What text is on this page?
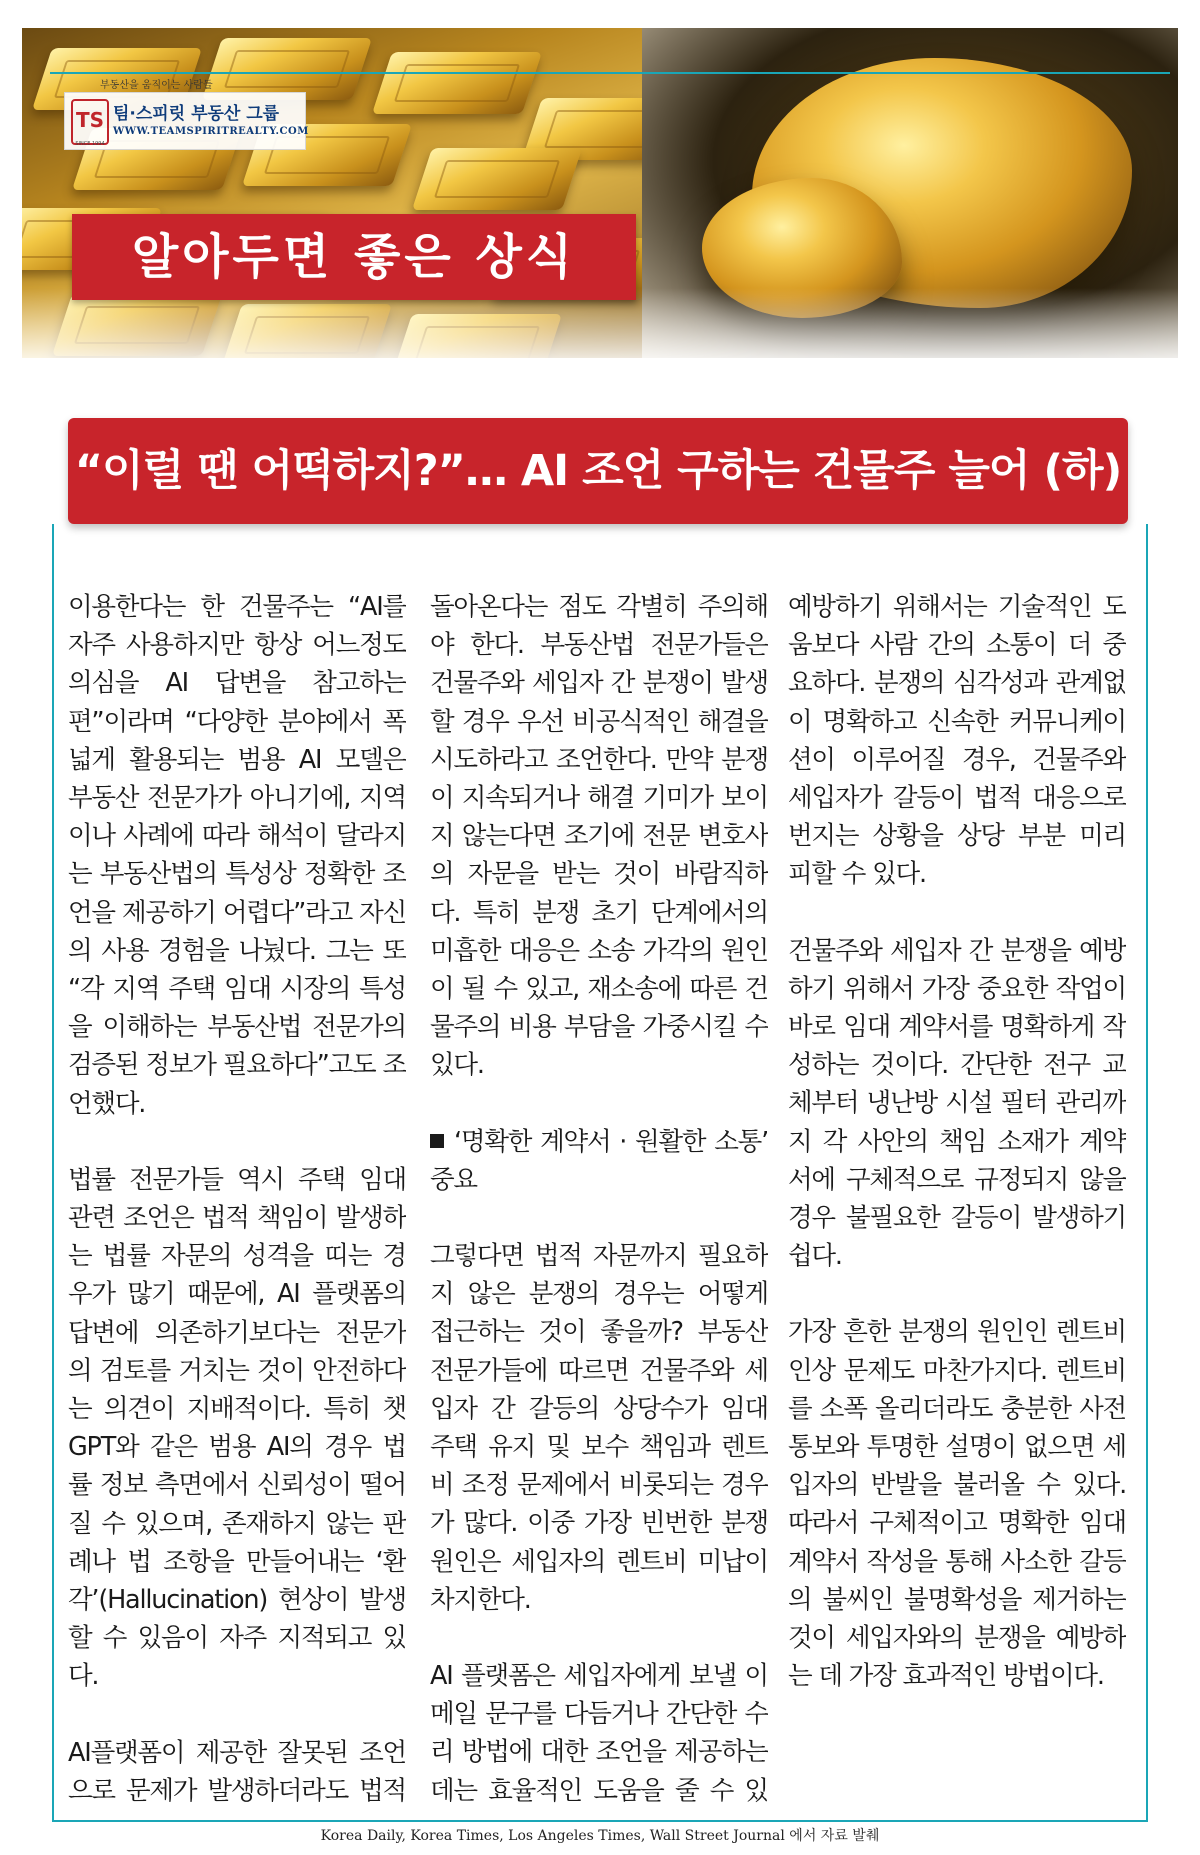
부동산을 움직이는 사람들
TS
SINCE 1994
팀·스피릿 부동산 그룹
WWW.TEAMSPIRITREALTY.COM
알아두면 좋은 상식
“이럴 땐 어떡하지?”… AI 조언 구하는 건물주 늘어 (하)

이용한다는 한 건물주는 “AI를 자주 사용하지만 항상 어느정도 의심을 AI 답변을 참고하는 편”이라며 “다양한 분야에서 폭넓게 활용되는 범용 AI 모델은 부동산 전문가가 아니기에, 지역이나 사례에 따라 해석이 달라지는 부동산법의 특성상 정확한 조언을 제공하기 어렵다”라고 자신의 사용 경험을 나눴다. 그는 또 “각 지역 주택 임대 시장의 특성을 이해하는 부동산법 전문가의 검증된 정보가 필요하다”고도 조언했다.

법률 전문가들 역시 주택 임대 관련 조언은 법적 책임이 발생하는 법률 자문의 성격을 띠는 경우가 많기 때문에, AI 플랫폼의 답변에 의존하기보다는 전문가의 검토를 거치는 것이 안전하다는 의견이 지배적이다. 특히 챗GPT와 같은 범용 AI의 경우 법률 정보 측면에서 신뢰성이 떨어질 수 있으며, 존재하지 않는 판례나 법 조항을 만들어내는 ‘환각’(Hallucination) 현상이 발생할 수 있음이 자주 지적되고 있다.

AI플랫폼이 제공한 잘못된 조언으로 문제가 발생하더라도 법적

돌아온다는 점도 각별히 주의해야 한다. 부동산법 전문가들은 건물주와 세입자 간 분쟁이 발생할 경우 우선 비공식적인 해결을 시도하라고 조언한다. 만약 분쟁이 지속되거나 해결 기미가 보이지 않는다면 조기에 전문 변호사의 자문을 받는 것이 바람직하다. 특히 분쟁 초기 단계에서의 미흡한 대응은 소송 가각의 원인이 될 수 있고, 재소송에 따른 건물주의 비용 부담을 가중시킬 수 있다.

‘명확한 계약서 · 원활한 소통’ 중요

그렇다면 법적 자문까지 필요하지 않은 분쟁의 경우는 어떻게 접근하는 것이 좋을까? 부동산 전문가들에 따르면 건물주와 세입자 간 갈등의 상당수가 임대 주택 유지 및 보수 책임과 렌트비 조정 문제에서 비롯되는 경우가 많다. 이중 가장 빈번한 분쟁 원인은 세입자의 렌트비 미납이 차지한다.

AI 플랫폼은 세입자에게 보낼 이메일 문구를 다듬거나 간단한 수리 방법에 대한 조언을 제공하는 데는 효율적인 도움을 줄 수 있

예방하기 위해서는 기술적인 도움보다 사람 간의 소통이 더 중요하다. 분쟁의 심각성과 관계없이 명확하고 신속한 커뮤니케이션이 이루어질 경우, 건물주와 세입자가 갈등이 법적 대응으로 번지는 상황을 상당 부분 미리 피할 수 있다.

건물주와 세입자 간 분쟁을 예방하기 위해서 가장 중요한 작업이 바로 임대 계약서를 명확하게 작성하는 것이다. 간단한 전구 교체부터 냉난방 시설 필터 관리까지 각 사안의 책임 소재가 계약서에 구체적으로 규정되지 않을 경우 불필요한 갈등이 발생하기 쉽다.

가장 흔한 분쟁의 원인인 렌트비 인상 문제도 마찬가지다. 렌트비를 소폭 올리더라도 충분한 사전 통보와 투명한 설명이 없으면 세입자의 반발을 불러올 수 있다. 따라서 구체적이고 명확한 임대 계약서 작성을 통해 사소한 갈등의 불씨인 불명확성을 제거하는 것이 세입자와의 분쟁을 예방하는 데 가장 효과적인 방법이다.

Korea Daily, Korea Times, Los Angeles Times, Wall Street Journal 에서 자료 발췌
